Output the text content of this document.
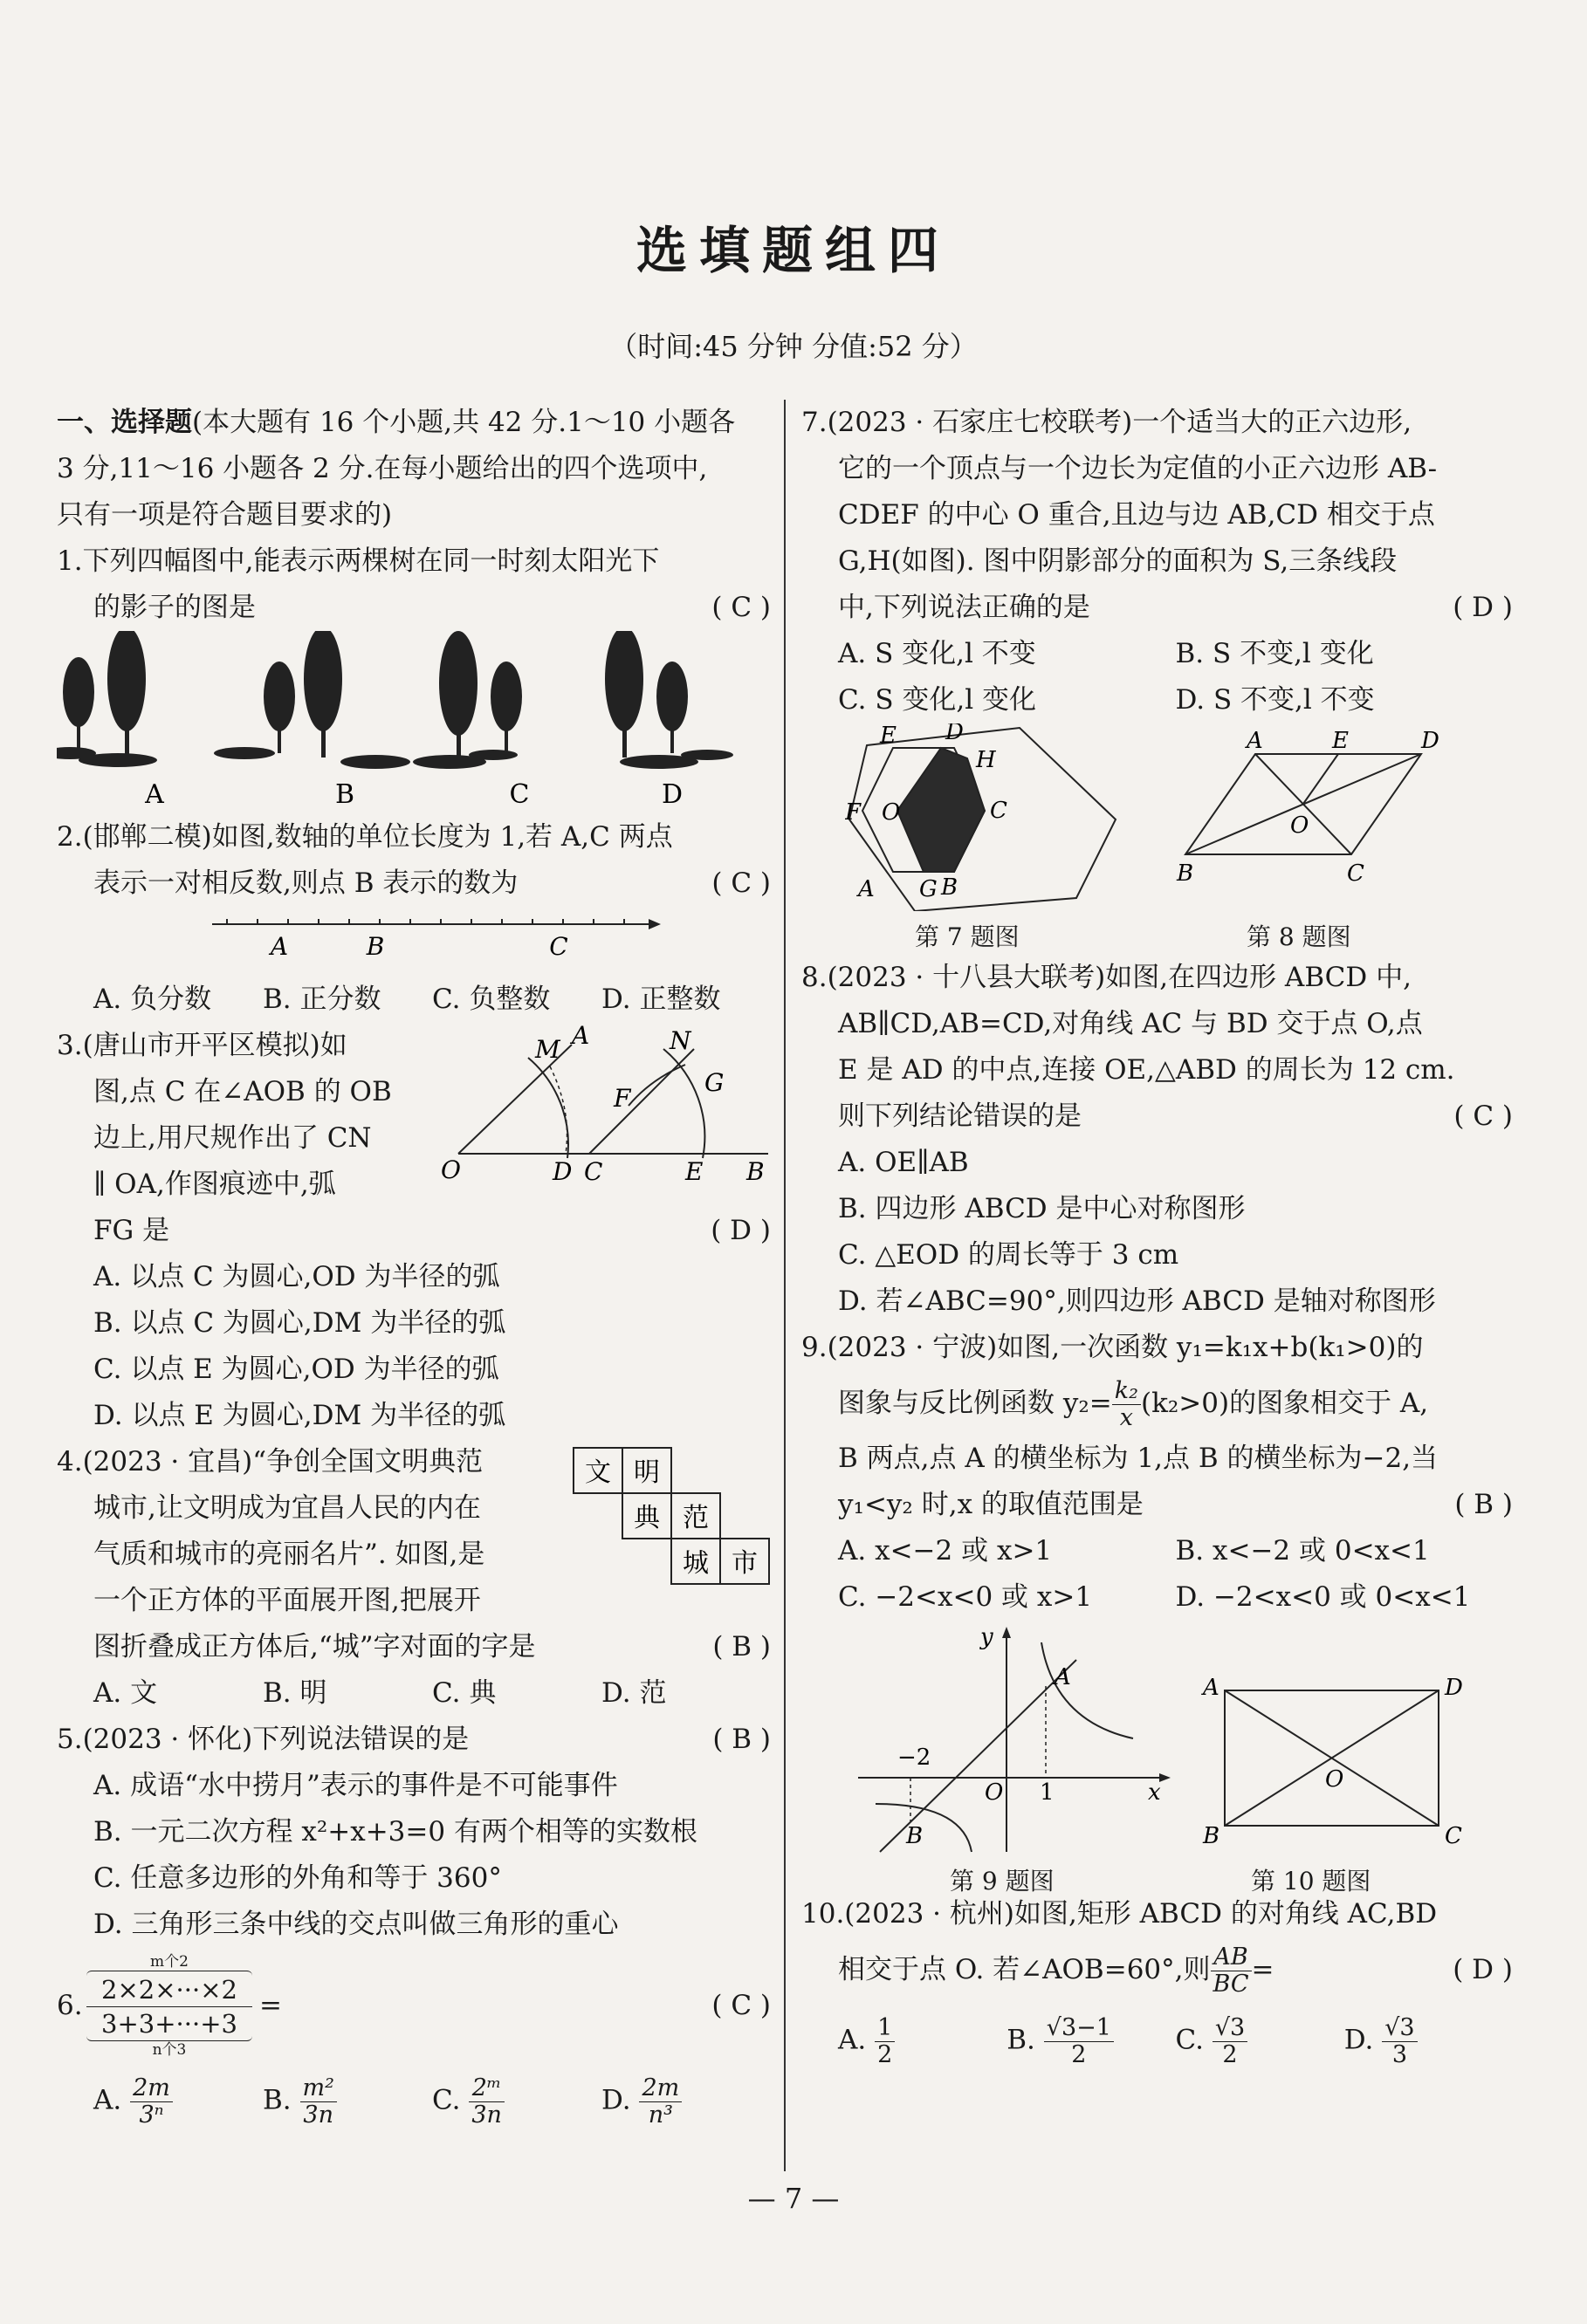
选填题组四
（时间:45 分钟 分值:52 分）
一、选择题(本大题有 16 个小题,共 42 分.1～10 小题各
3 分,11～16 小题各 2 分.在每小题给出的四个选项中,
只有一项是符合题目要求的)
1.下列四幅图中,能表示两棵树在同一时刻太阳光下
的影子的图是	( C )
A	B	C	D
2.(邯郸二模)如图,数轴的单位长度为 1,若 A,C 两点
表示一对相反数,则点 B 表示的数为	( C )
A	B	C
A. 负分数	B. 正分数	C. 负整数	D. 正整数
M A	N
F
G
O	D C	E B
3.(唐山市开平区模拟)如
图,点 C 在∠AOB 的 OB
边上,用尺规作出了 CN
∥ OA,作图痕迹中,弧
FG 是	( D )
A. 以点 C 为圆心,OD 为半径的弧
B. 以点 C 为圆心,DM 为半径的弧
C. 以点 E 为圆心,OD 为半径的弧
D. 以点 E 为圆心,DM 为半径的弧
文 明
典 范
城 市
4.(2023 · 宜昌)“争创全国文明典范
城市,让文明成为宜昌人民的内在
气质和城市的亮丽名片”. 如图,是
一个正方体的平面展开图,把展开
图折叠成正方体后,“城”字对面的字是	( B )
A. 文	B. 明	C. 典	D. 范
5.(2023 · 怀化)下列说法错误的是	( B )
A. 成语“水中捞月”表示的事件是不可能事件
B. 一元二次方程 x²+x+3=0 有两个相等的实数根
C. 任意多边形的外角和等于 360°
D. 三角形三条中线的交点叫做三角形的重心
6.
m个2
2×2×···×2
3+3+···+3
n个3
=	( C )
A. $\frac{2m}{\text{3ⁿ}}$	B. $\frac{\text{m²}}{3n}$	C. $\frac{\text{2ᵐ}}{3n}$	D. $\frac{2m}{\text{n³}}$
7.(2023 · 石家庄七校联考)一个适当大的正六边形,
它的一个顶点与一个边长为定值的小正六边形 AB-
CDEF 的中心 O 重合,且边与边 AB,CD 相交于点
G,H(如图). 图中阴影部分的面积为 S,三条线段
中,下列说法正确的是	( D )
A. S 变化,l 不变	B. S 不变,l 变化
C. S 变化,l 变化	D. S 不变,l 不变
E D
H
F O	C
A G B
A	E	D
O
B	C
第 7 题图	第 8 题图
8.(2023 · 十八县大联考)如图,在四边形 ABCD 中,
AB∥CD,AB=CD,对角线 AC 与 BD 交于点 O,点
E 是 AD 的中点,连接 OE,△ABD 的周长为 12 cm.
则下列结论错误的是	( C )
A. OE∥AB
B. 四边形 ABCD 是中心对称图形
C. △EOD 的周长等于 3 cm
D. 若∠ABC=90°,则四边形 ABCD 是轴对称图形
9.(2023 · 宁波)如图,一次函数 y₁=k₁x+b(k₁>0)的
图象与反比例函数 $y_2= \frac{\text{k₂}}{x} (k_2>0)$的图象相交于 A,
B 两点,点 A 的横坐标为 1,点 B 的横坐标为−2,当
y₁<y₂ 时,x 的取值范围是	( B )
A. x<−2 或 x>1	B. x<−2 或 0<x<1
C. −2<x<0 或 x>1	D. −2<x<0 或 0<x<1
y
A
−2
O 1	x
B
A	D
O
B	C
第 9 题图	第 10 题图
10.(2023 · 杭州)如图,矩形 ABCD 的对角线 AC,BD
相交于点 O. 若∠AOB=60°,则 $\frac{AB}{BC}$ =	( D )
A. $\frac{1}{2}$	B. $\frac{√3-1}{2} C$. $\frac{√3}{2}$	D. $\frac{√3}{3}$
— 7 —
